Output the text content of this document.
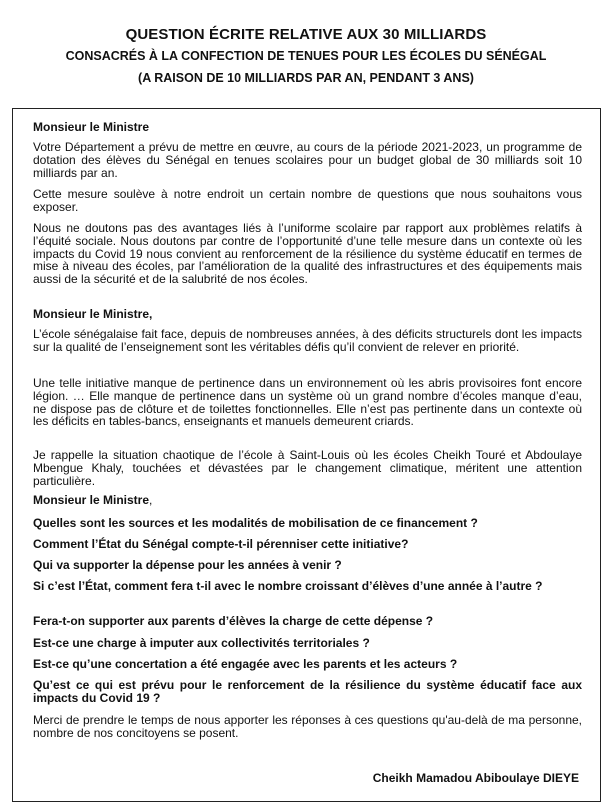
QUESTION ÉCRITE RELATIVE AUX 30 MILLIARDS
CONSACRÉS À LA CONFECTION DE TENUES POUR LES ÉCOLES DU SÉNÉGAL
(A RAISON DE 10 MILLIARDS PAR AN, PENDANT 3 ANS)

Monsieur le Ministre

Votre Département a prévu de mettre en œuvre, au cours de la période 2021-2023, un programme de dotation des élèves du Sénégal en tenues scolaires pour un budget global de 30 milliards soit 10 milliards par an.

Cette mesure soulève à notre endroit un certain nombre de questions que nous souhaitons vous exposer.

Nous ne doutons pas des avantages liés à l’uniforme scolaire par rapport aux problèmes relatifs à l’équité sociale. Nous doutons par contre de l’opportunité d’une telle mesure dans un contexte où les impacts du Covid 19 nous convient au renforcement de la résilience du système éducatif en termes de mise à niveau des écoles, par l’amélioration de la qualité des infrastructures et des équipements mais aussi de la sécurité et de la salubrité de nos écoles.

Monsieur le Ministre,

L’école sénégalaise fait face, depuis de nombreuses années, à des déficits structurels dont les impacts sur la qualité de l’enseignement sont les véritables défis qu’il convient de relever en priorité.

Une telle initiative manque de pertinence dans un environnement où les abris provisoires font encore légion. … Elle manque de pertinence dans un système où un grand nombre d’écoles manque d’eau, ne dispose pas de clôture et de toilettes fonctionnelles. Elle n’est pas pertinente dans un contexte où les déficits en tables-bancs, enseignants et manuels demeurent criards.

Je rappelle la situation chaotique de l’école à Saint-Louis où les écoles Cheikh Touré et Abdoulaye Mbengue Khaly, touchées et dévastées par le changement climatique, méritent une attention particulière.

Monsieur le Ministre,

Quelles sont les sources et les modalités de mobilisation de ce financement ?

Comment l’État du Sénégal compte-t-il pérenniser cette initiative?

Qui va supporter la dépense pour les années à venir ?

Si c’est l’État, comment fera t-il avec le nombre croissant d’élèves d’une année à l’autre ?

Fera-t-on supporter aux parents d’élèves la charge de cette dépense ?

Est-ce une charge à imputer aux collectivités territoriales ?

Est-ce qu’une concertation a été engagée avec les parents et les acteurs ?

Qu’est ce qui est prévu pour le renforcement de la résilience du système éducatif face aux impacts du Covid 19 ?

Merci de prendre le temps de nous apporter les réponses à ces questions qu'au-delà de ma personne, nombre de nos concitoyens se posent.

Cheikh Mamadou Abiboulaye DIEYE
